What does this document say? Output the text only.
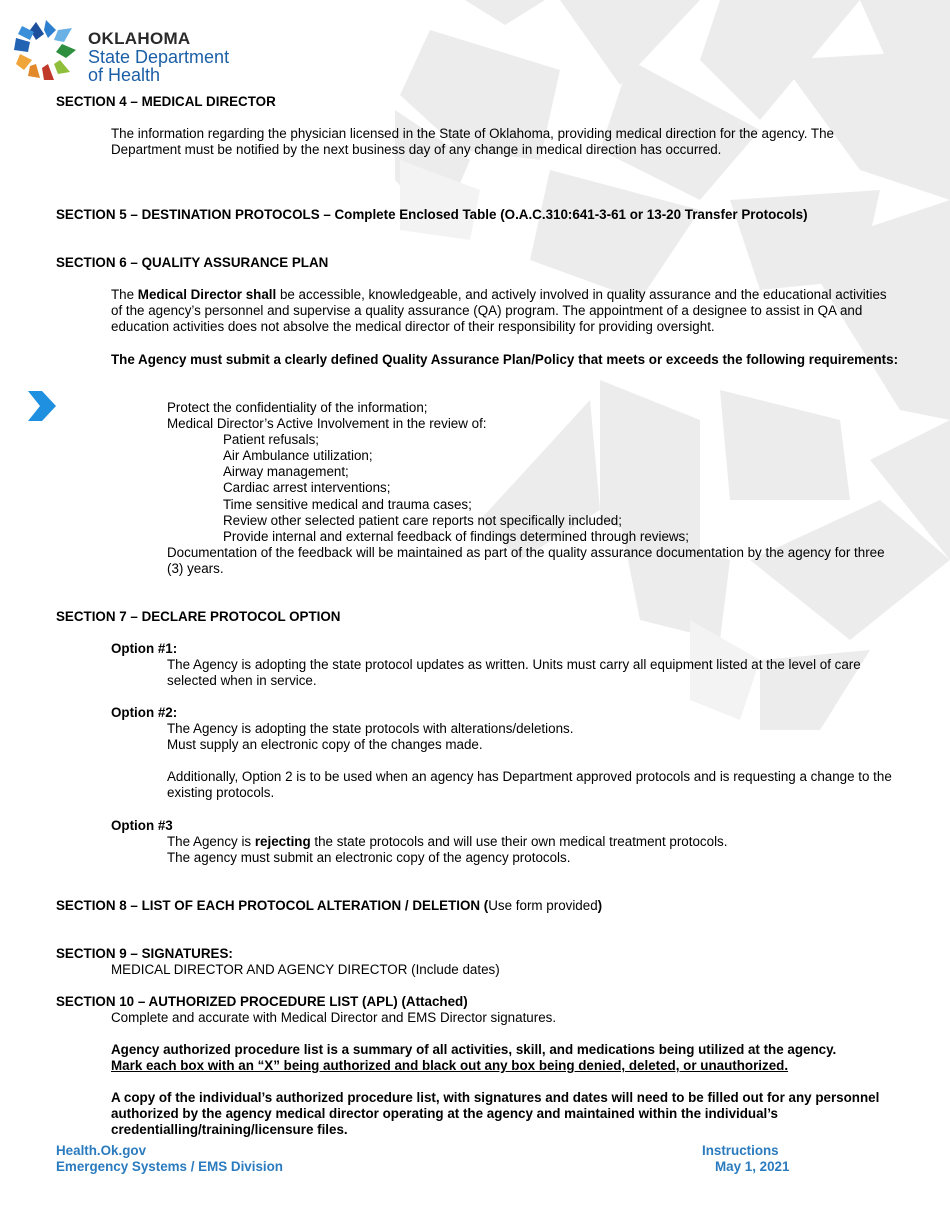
OKLAHOMA
State Department
of Health
SECTION 4 – MEDICAL DIRECTOR
The information regarding the physician licensed in the State of Oklahoma, providing medical direction for the agency. The Department must be notified by the next business day of any change in medical direction has occurred.
SECTION 5 – DESTINATION PROTOCOLS – Complete Enclosed Table (O.A.C.310:641-3-61 or 13-20 Transfer Protocols)
SECTION 6 – QUALITY ASSURANCE PLAN
The Medical Director shall be accessible, knowledgeable, and actively involved in quality assurance and the educational activities of the agency’s personnel and supervise a quality assurance (QA) program. The appointment of a designee to assist in QA and education activities does not absolve the medical director of their responsibility for providing oversight.
The Agency must submit a clearly defined Quality Assurance Plan/Policy that meets or exceeds the following requirements:
Protect the confidentiality of the information;
Medical Director’s Active Involvement in the review of:
Patient refusals;
Air Ambulance utilization;
Airway management;
Cardiac arrest interventions;
Time sensitive medical and trauma cases;
Review other selected patient care reports not specifically included;
Provide internal and external feedback of findings determined through reviews;
Documentation of the feedback will be maintained as part of the quality assurance documentation by the agency for three (3) years.
SECTION 7 – DECLARE PROTOCOL OPTION
Option #1:
The Agency is adopting the state protocol updates as written. Units must carry all equipment listed at the level of care selected when in service.
Option #2:
The Agency is adopting the state protocols with alterations/deletions.
Must supply an electronic copy of the changes made.
Additionally, Option 2 is to be used when an agency has Department approved protocols and is requesting a change to the existing protocols.
Option #3
The Agency is rejecting the state protocols and will use their own medical treatment protocols.
The agency must submit an electronic copy of the agency protocols.
SECTION 8 – LIST OF EACH PROTOCOL ALTERATION / DELETION (Use form provided)
SECTION 9 – SIGNATURES:
MEDICAL DIRECTOR AND AGENCY DIRECTOR (Include dates)
SECTION 10 – AUTHORIZED PROCEDURE LIST (APL) (Attached)
Complete and accurate with Medical Director and EMS Director signatures.
Agency authorized procedure list is a summary of all activities, skill, and medications being utilized at the agency.
Mark each box with an “X” being authorized and black out any box being denied, deleted, or unauthorized.
A copy of the individual’s authorized procedure list, with signatures and dates will need to be filled out for any personnel authorized by the agency medical director operating at the agency and maintained within the individual’s credentialling/training/licensure files.
Health.Ok.gov
Emergency Systems / EMS Division
Instructions
May 1, 2021
